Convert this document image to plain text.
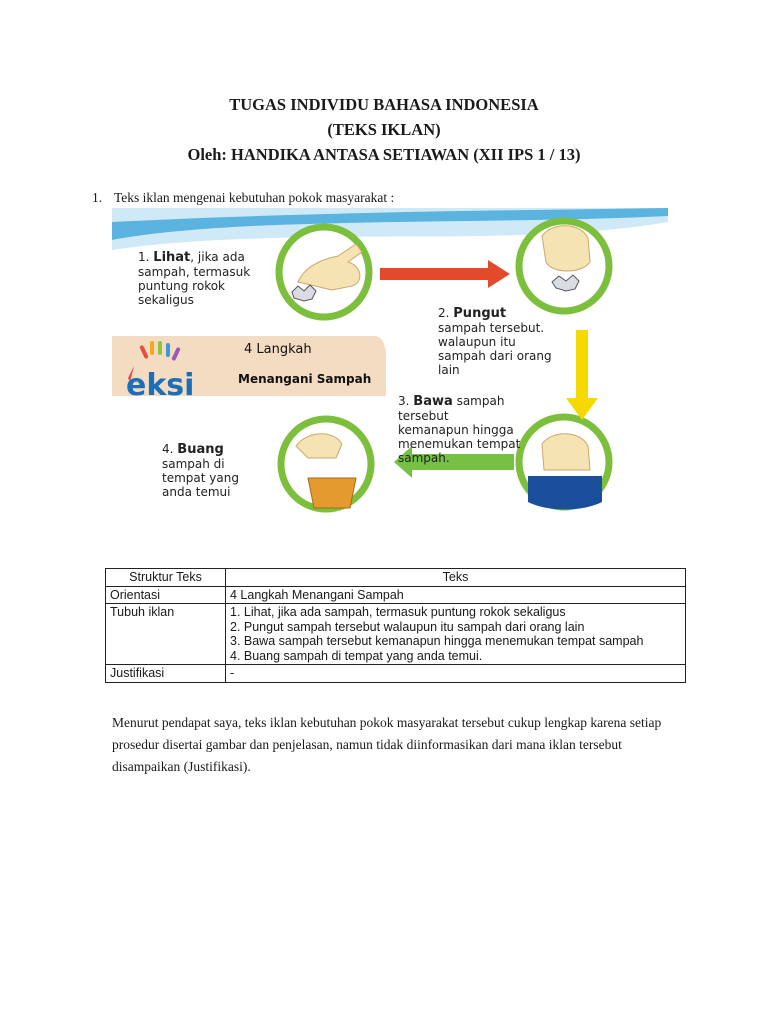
TUGAS INDIVIDU BAHASA INDONESIA
(TEKS IKLAN)
Oleh: HANDIKA ANTASA SETIAWAN (XII IPS 1 / 13)
1. Teks iklan mengenai kebutuhan pokok masyarakat :
eksi
4 Langkah
Menangani Sampah
1. Lihat, jika ada sampah, termasuk puntung rokok sekaligus
2. Pungut
sampah tersebut. walaupun itu sampah dari orang lain
3. Bawa sampah tersebut kemanapun hingga menemukan tempat sampah.
4. Buang
sampah di tempat yang anda temui
Struktur Teks	Teks
Orientasi	4 Langkah Menangani Sampah
Tubuh iklan	1. Lihat, jika ada sampah, termasuk puntung rokok sekaligus
2. Pungut sampah tersebut walaupun itu sampah dari orang lain
3. Bawa sampah tersebut kemanapun hingga menemukan tempat sampah
4. Buang sampah di tempat yang anda temui.

Justifikasi	-
Menurut pendapat saya, teks iklan kebutuhan pokok masyarakat tersebut cukup lengkap karena setiap prosedur disertai gambar dan penjelasan, namun tidak diinformasikan dari mana iklan tersebut disampaikan (Justifikasi).
